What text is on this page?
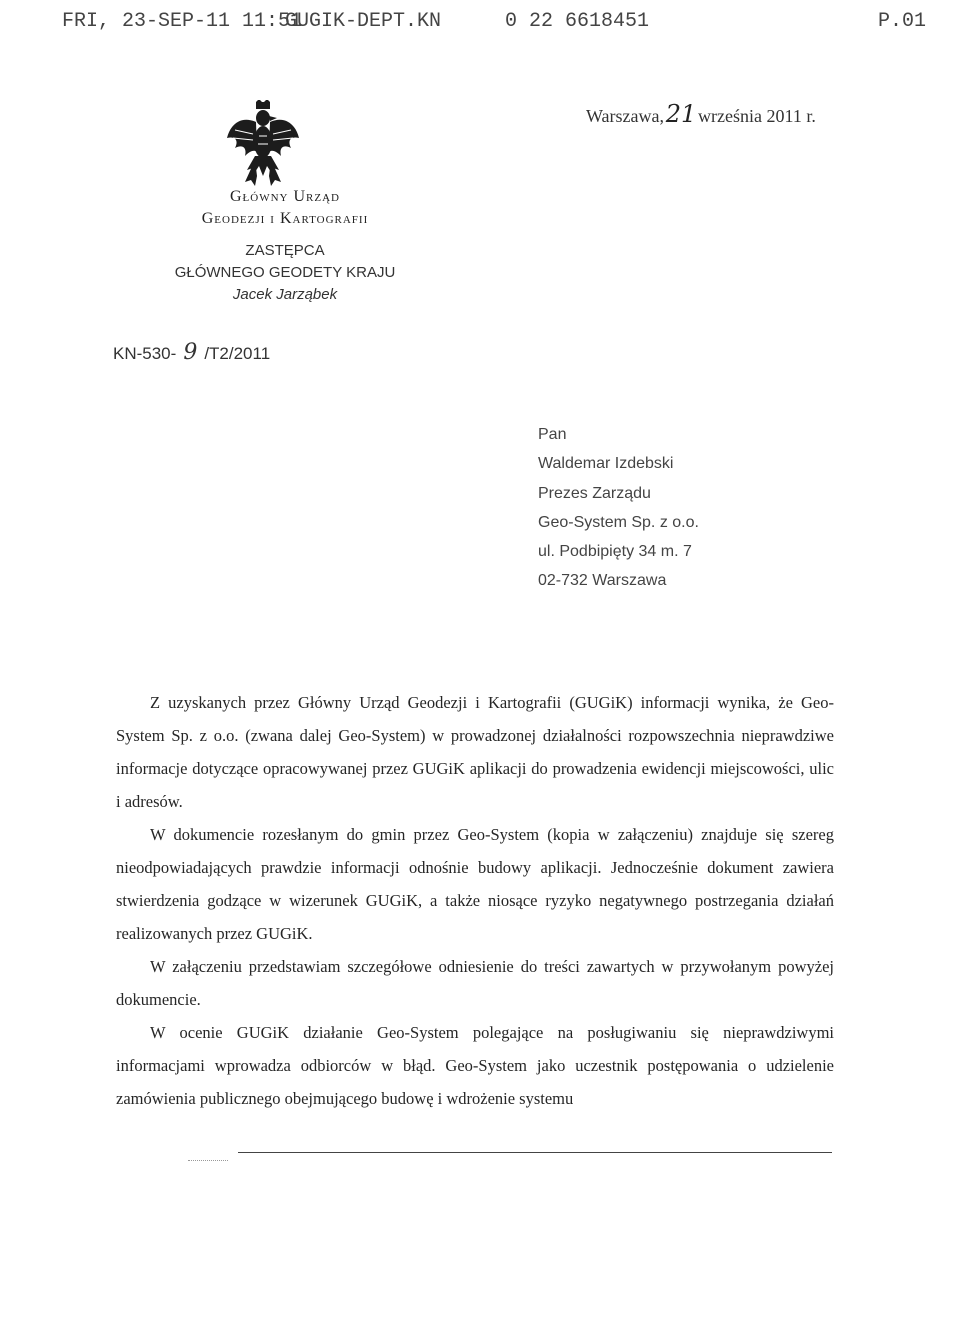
FRI, 23-SEP-11 11:51
GUGIK-DEPT.KN	0 22 6618451	P.01
Warszawa,21września 2011 r.
Główny Urząd
Geodezji i Kartografii
ZASTĘPCA
GŁÓWNEGO GEODETY KRAJU
Jacek Jarząbek
KN-530- 9 /T2/2011
Pan
Waldemar Izdebski
Prezes Zarządu
Geo-System Sp. z o.o.
ul. Podbipięty 34 m. 7
02-732 Warszawa

Z uzyskanych przez Główny Urząd Geodezji i Kartografii (GUGiK) informacji wynika, że Geo-System Sp. z o.o. (zwana dalej Geo-System) w prowadzonej działalności rozpowszechnia nieprawdziwe informacje dotyczące opracowywanej przez GUGiK aplikacji do prowadzenia ewidencji miejscowości, ulic i adresów.

W dokumencie rozesłanym do gmin przez Geo-System (kopia w załączeniu) znajduje się szereg nieodpowiadających prawdzie informacji odnośnie budowy aplikacji. Jednocześnie dokument zawiera stwierdzenia godzące w wizerunek GUGiK, a także niosące ryzyko negatywnego postrzegania działań realizowanych przez GUGiK.

W załączeniu przedstawiam szczegółowe odniesienie do treści zawartych w przywołanym powyżej dokumencie.

W ocenie GUGiK działanie Geo-System polegające na posługiwaniu się nieprawdziwymi informacjami wprowadza odbiorców w błąd. Geo-System jako uczestnik postępowania o udzielenie zamówienia publicznego obejmującego budowę i wdrożenie systemu
